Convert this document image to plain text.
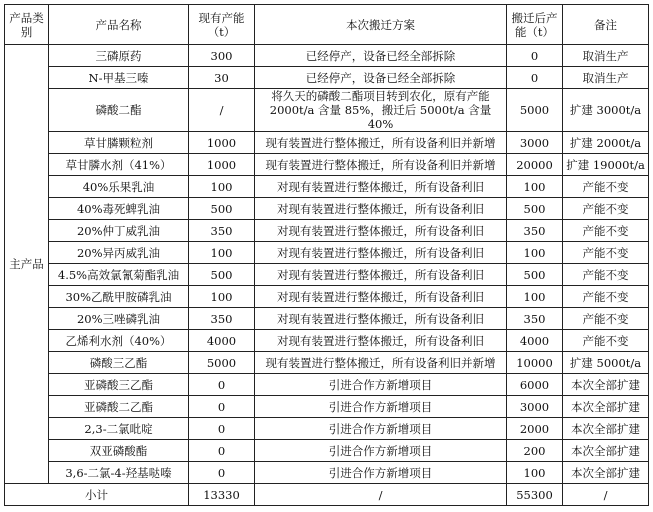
产品类别	产品名称	现有产能（t）	本次搬迁方案	搬迁后产能（t）	备注
主产品	三磷原药	300	已经停产，设备已经全部拆除	0	取消生产
	N-甲基三嗪	30	已经停产，设备已经全部拆除	0	取消生产
	磷酸二酯	/	将久天的磷酸二酯项目转到农化，原有产能2000t/a 含量 85%，搬迁后 5000t/a 含量 40%	5000	扩建 3000t/a
	草甘膦颗粒剂	1000	现有装置进行整体搬迁，所有设备利旧并新增	3000	扩建 2000t/a
	草甘膦水剂（41%）	1000	现有装置进行整体搬迁，所有设备利旧并新增	20000	扩建 19000t/a
	40%乐果乳油	100	对现有装置进行整体搬迁，所有设备利旧	100	产能不变
	40%毒死蜱乳油	500	对现有装置进行整体搬迁，所有设备利旧	500	产能不变
	20%仲丁威乳油	350	对现有装置进行整体搬迁，所有设备利旧	350	产能不变
	20%异丙威乳油	100	对现有装置进行整体搬迁，所有设备利旧	100	产能不变
	4.5%高效氯氰菊酯乳油	500	对现有装置进行整体搬迁，所有设备利旧	500	产能不变
	30%乙酰甲胺磷乳油	100	对现有装置进行整体搬迁，所有设备利旧	100	产能不变
	20%三唑磷乳油	350	对现有装置进行整体搬迁，所有设备利旧	350	产能不变
	乙烯利水剂（40%）	4000	对现有装置进行整体搬迁，所有设备利旧	4000	产能不变
	磷酸三乙酯	5000	现有装置进行整体搬迁，所有设备利旧并新增	10000	扩建 5000t/a
	亚磷酸三乙酯	0	引进合作方新增项目	6000	本次全部扩建
	亚磷酸二乙酯	0	引进合作方新增项目	3000	本次全部扩建
	2,3-二氯吡啶	0	引进合作方新增项目	2000	本次全部扩建
	双亚磷酸酯	0	引进合作方新增项目	200	本次全部扩建
	3,6-二氯-4-羟基哒嗪	0	引进合作方新增项目	100	本次全部扩建
小计		13330	/	55300	/
